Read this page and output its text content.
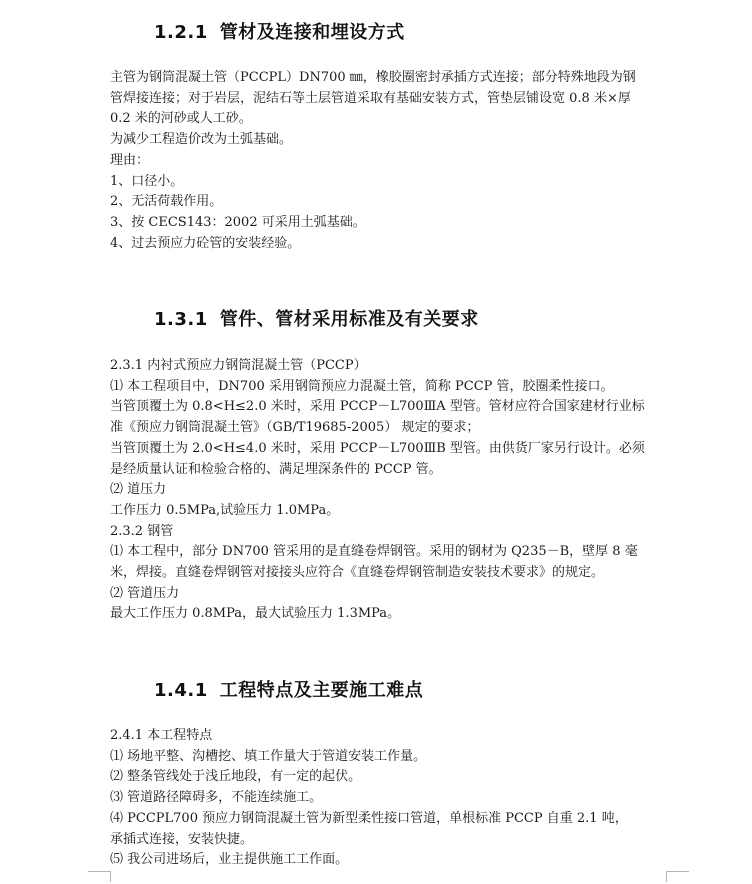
1.2.1 管材及连接和埋设方式

主管为钢筒混凝土管（PCCPL）DN700 ㎜，橡胶圈密封承插方式连接；部分特殊地段为钢

管焊接连接；对于岩层，泥结石等土层管道采取有基础安装方式，管垫层铺设宽 0.8 米×厚

0.2 米的河砂或人工砂。

为减少工程造价改为土弧基础。

理由：

1、口径小。

2、无活荷载作用。

3、按 CECS143：2002 可采用土弧基础。

4、过去预应力砼管的安装经验。

1.3.1 管件、管材采用标准及有关要求

2.3.1 内衬式预应力钢筒混凝土管（PCCP）

⑴ 本工程项目中，DN700 采用钢筒预应力混凝土管，简称 PCCP 管，胶圈柔性接口。

当管顶覆土为 0.8<H≤2.0 米时，采用 PCCP－L700ⅢA 型管。管材应符合国家建材行业标

准《预应力钢筒混凝土管》（GB/T19685-2005） 规定的要求；

当管顶覆土为 2.0<H≤4.0 米时，采用 PCCP－L700ⅢB 型管。由供货厂家另行设计。必须

是经质量认证和检验合格的、满足埋深条件的 PCCP 管。

⑵ 道压力

工作压力 0.5MPa,试验压力 1.0MPa。

2.3.2 钢管

⑴ 本工程中，部分 DN700 管采用的是直缝卷焊钢管。采用的钢材为 Q235－B，壁厚 8 毫

米，焊接。直缝卷焊钢管对接接头应符合《直缝卷焊钢管制造安装技术要求》的规定。

⑵ 管道压力

最大工作压力 0.8MPa，最大试验压力 1.3MPa。

1.4.1 工程特点及主要施工难点

2.4.1 本工程特点

⑴ 场地平整、沟槽挖、填工作量大于管道安装工作量。

⑵ 整条管线处于浅丘地段，有一定的起伏。

⑶ 管道路径障碍多，不能连续施工。

⑷ PCCPL700 预应力钢筒混凝土管为新型柔性接口管道，单根标准 PCCP 自重 2.1 吨，

承插式连接，安装快捷。

⑸ 我公司进场后，业主提供施工工作面。
